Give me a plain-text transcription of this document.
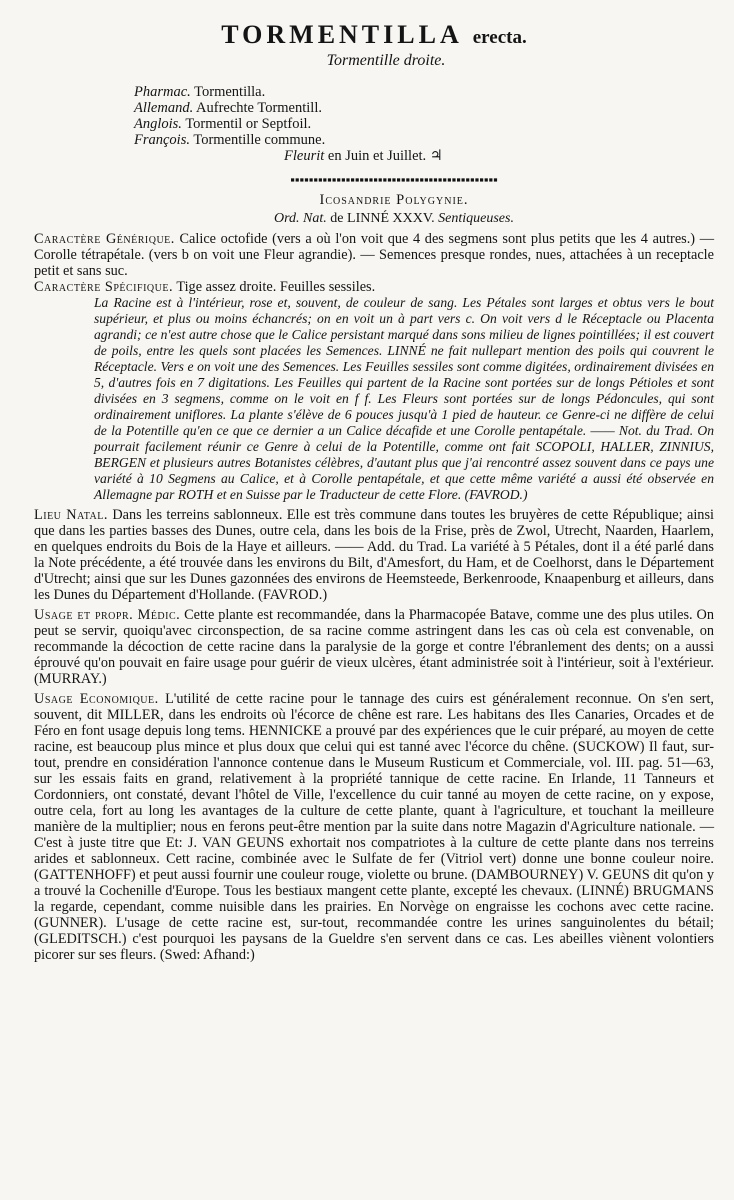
TORMENTILLA erecta.
Tormentille droite.
Pharmac. Tormentilla.
Allemand. Aufrechte Tormentill.
Anglois. Tormentil or Septfoil.
François. Tormentille commune.
Fleurit en Juin et Juillet. ♃
▪▪▪▪▪▪▪▪▪▪▪▪▪▪▪▪▪▪▪▪▪▪▪▪▪▪▪▪▪▪▪▪▪▪▪▪▪▪▪▪▪▪▪▪▪
Icosandrie Polygynie.
Ord. Nat. de LINNÉ XXXV. Sentiqueuses.

Caractère Générique. Calice octofide (vers a où l'on voit que 4 des segmens sont plus petits que les 4 autres.) — Corolle tétrapétale. (vers b on voit une Fleur agrandie). — Semences presque rondes, nues, attachées à un receptacle petit et sans suc.

Caractère Spécifique. Tige assez droite. Feuilles sessiles.

La Racine est à l'intérieur, rose et, souvent, de couleur de sang. Les Pétales sont larges et obtus vers le bout supérieur, et plus ou moins échancrés; on en voit un à part vers c. On voit vers d le Réceptacle ou Placenta agrandi; ce n'est autre chose que le Calice persistant marqué dans sons milieu de lignes pointillées; il est couvert de poils, entre les quels sont placées les Semences. LINNÉ ne fait nullepart mention des poils qui couvrent le Réceptacle. Vers e on voit une des Semences. Les Feuilles sessiles sont comme digitées, ordinairement divisées en 5, d'autres fois en 7 digitations. Les Feuilles qui partent de la Racine sont portées sur de longs Pétioles et sont divisées en 3 segmens, comme on le voit en f f. Les Fleurs sont portées sur de longs Pédoncules, qui sont ordinairement uniflores. La plante s'élève de 6 pouces jusqu'à 1 pied de hauteur. ce Genre-ci ne diffère de celui de la Potentille qu'en ce que ce dernier a un Calice décafide et une Corolle pentapétale. —— Not. du Trad. On pourrait facilement réunir ce Genre à celui de la Potentille, comme ont fait SCOPOLI, HALLER, ZINNIUS, BERGEN et plusieurs autres Botanistes célèbres, d'autant plus que j'ai rencontré assez souvent dans ce pays une variété à 10 Segmens au Calice, et à Corolle pentapétale, et que cette même variété a aussi été observée en Allemagne par ROTH et en Suisse par le Traducteur de cette Flore. (FAVROD.)

Lieu Natal. Dans les terreins sablonneux. Elle est très commune dans toutes les bruyères de cette République; ainsi que dans les parties basses des Dunes, outre cela, dans les bois de la Frise, près de Zwol, Utrecht, Naarden, Haarlem, en quelques endroits du Bois de la Haye et ailleurs. —— Add. du Trad. La variété à 5 Pétales, dont il a été parlé dans la Note précédente, a été trouvée dans les environs du Bilt, d'Amesfort, du Ham, et de Coelhorst, dans le Département d'Utrecht; ainsi que sur les Dunes gazonnées des environs de Heemsteede, Berkenroode, Knaapenburg et ailleurs, dans les Dunes du Département d'Hollande. (FAVROD.)

Usage et propr. Médic. Cette plante est recommandée, dans la Pharmacopée Batave, comme une des plus utiles. On peut se servir, quoiqu'avec circonspection, de sa racine comme astringent dans les cas où cela est convenable, on recommande la décoction de cette racine dans la paralysie de la gorge et contre l'ébranlement des dents; on a aussi éprouvé qu'on pouvait en faire usage pour guérir de vieux ulcères, étant administrée soit à l'intérieur, soit à l'extérieur. (MURRAY.)

Usage Economique. L'utilité de cette racine pour le tannage des cuirs est généralement reconnue. On s'en sert, souvent, dit MILLER, dans les endroits où l'écorce de chêne est rare. Les habitans des Iles Canaries, Orcades et de Féro en font usage depuis long tems. HENNICKE a prouvé par des expériences que le cuir préparé, au moyen de cette racine, est beaucoup plus mince et plus doux que celui qui est tanné avec l'écorce du chêne. (SUCKOW) Il faut, sur-tout, prendre en considération l'annonce contenue dans le Museum Rusticum et Commerciale, vol. III. pag. 51—63, sur les essais faits en grand, relativement à la propriété tannique de cette racine. En Irlande, 11 Tanneurs et Cordonniers, ont constaté, devant l'hôtel de Ville, l'excellence du cuir tanné au moyen de cette racine, on y expose, outre cela, fort au long les avantages de la culture de cette plante, quant à l'agriculture, et touchant la meilleure manière de la multiplier; nous en ferons peut-être mention par la suite dans notre Magazin d'Agriculture nationale. — C'est à juste titre que Et: J. VAN GEUNS exhortait nos compatriotes à la culture de cette plante dans nos terreins arides et sablonneux. Cett racine, combinée avec le Sulfate de fer (Vitriol vert) donne une bonne couleur noire. (GATTENHOFF) et peut aussi fournir une couleur rouge, violette ou brune. (DAMBOURNEY) V. GEUNS dit qu'on y a trouvé la Cochenille d'Europe. Tous les bestiaux mangent cette plante, excepté les chevaux. (LINNÉ) BRUGMANS la regarde, cependant, comme nuisible dans les prairies. En Norvège on engraisse les cochons avec cette racine. (GUNNER). L'usage de cette racine est, sur-tout, recommandée contre les urines sanguinolentes du bétail; (GLEDITSCH.) c'est pourquoi les paysans de la Gueldre s'en servent dans ce cas. Les abeilles viènent volontiers picorer sur ses fleurs. (Swed: Afhand:)
